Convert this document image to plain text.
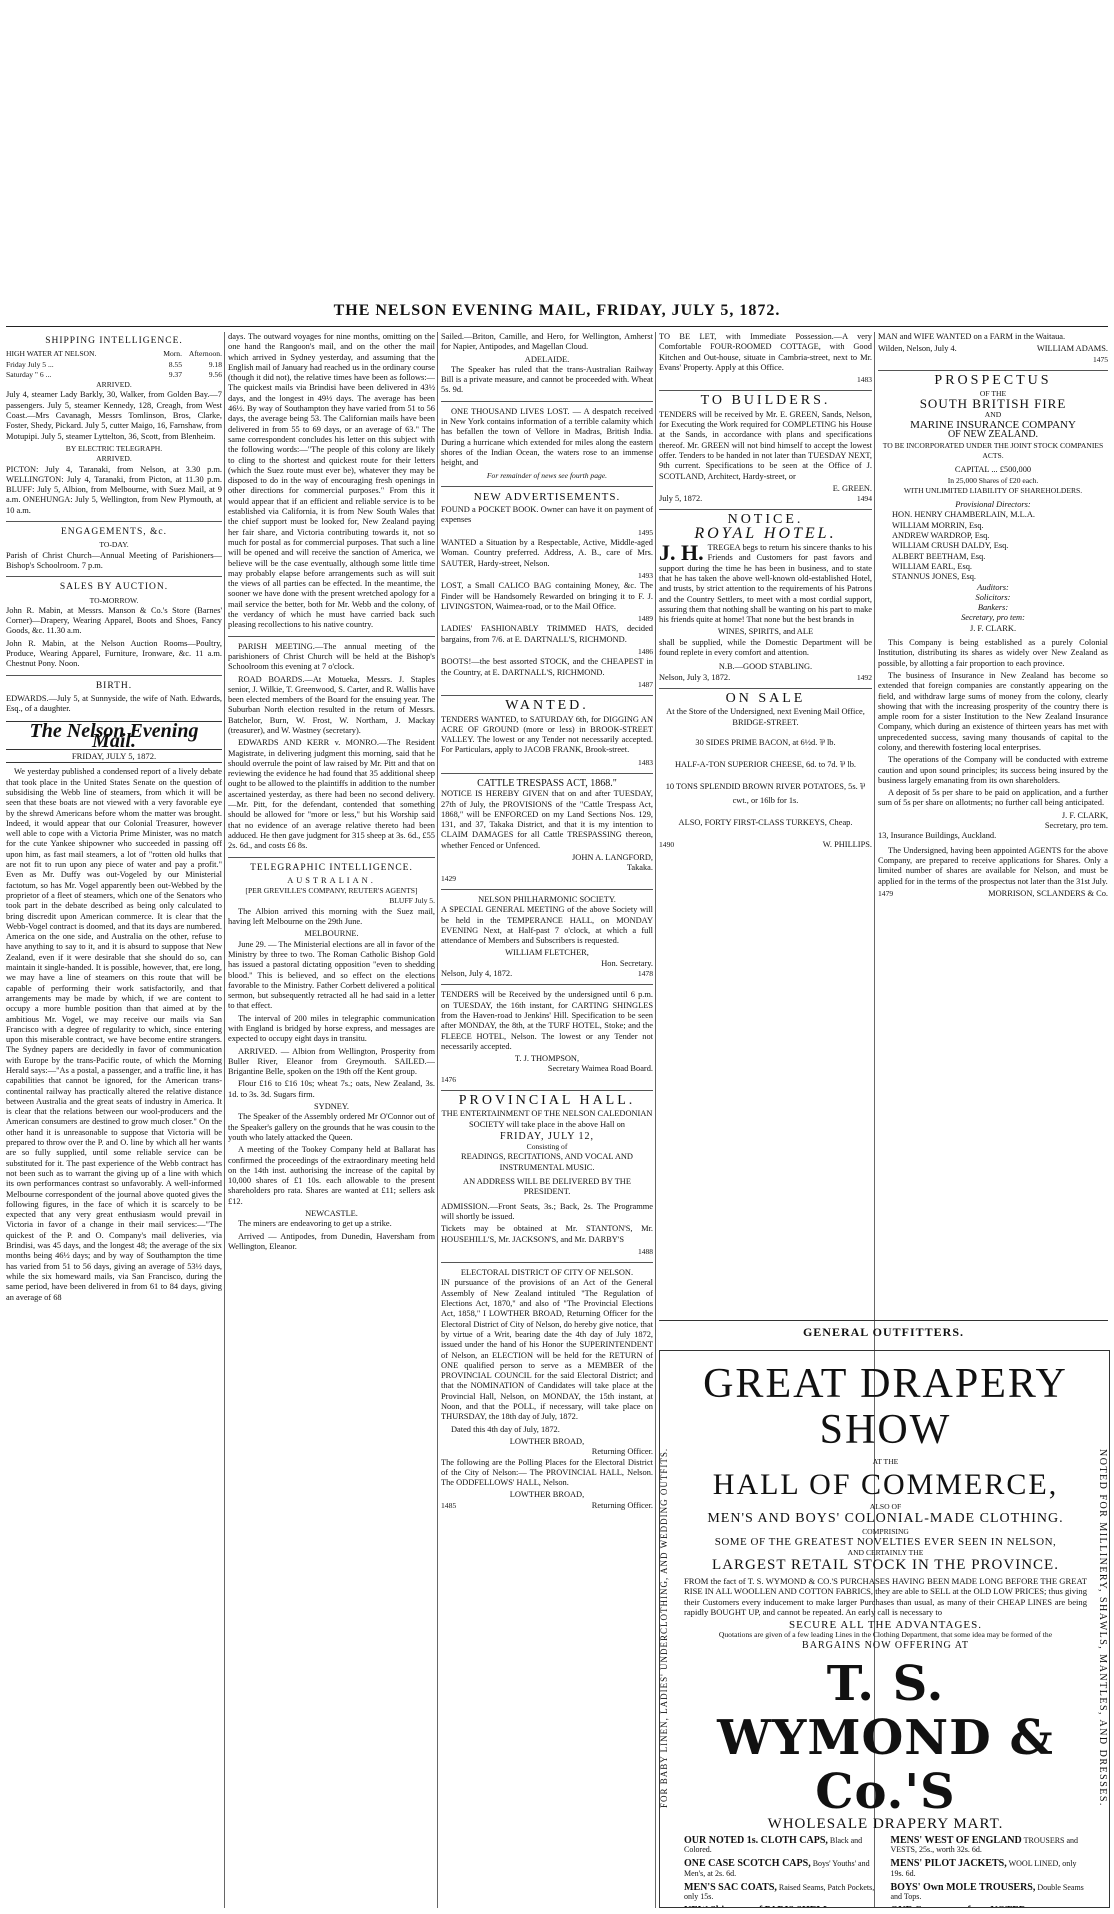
THE NELSON EVENING MAIL, FRIDAY, JULY 5, 1872.
SHIPPING INTELLIGENCE.
HIGH WATER AT NELSON.	Morn. Afternoon.
Friday July 5 ...	8.55	9.18
Saturday " 6 ...	9.37	9.56
ARRIVED.

July 4, steamer Lady Barkly, 30, Walker, from Golden Bay.—7 passengers. July 5, steamer Kennedy, 128, Creagh, from West Coast.—Mrs Cavanagh, Messrs Tomlinson, Bros, Clarke, Foster, Shedy, Pickard. July 5, cutter Maigo, 16, Farnshaw, from Motupipi. July 5, steamer Lyttelton, 36, Scott, from Blenheim.

BY ELECTRIC TELEGRAPH.
ARRIVED.

PICTON: July 4, Taranaki, from Nelson, at 3.30 p.m. WELLINGTON: July 4, Taranaki, from Picton, at 11.30 p.m. BLUFF: July 5, Albion, from Melbourne, with Suez Mail, at 9 a.m. ONEHUNGA: July 5, Wellington, from New Plymouth, at 10 a.m.

ENGAGEMENTS, &c.
TO-DAY.

Parish of Christ Church—Annual Meeting of Parishioners—Bishop's Schoolroom. 7 p.m.

SALES BY AUCTION.
TO-MORROW.

John R. Mabin, at Messrs. Manson & Co.'s Store (Barnes' Corner)—Drapery, Wearing Apparel, Boots and Shoes, Fancy Goods, &c. 11.30 a.m.

John R. Mabin, at the Nelson Auction Rooms—Poultry, Produce, Wearing Apparel, Furniture, Ironware, &c. 11 a.m. Chestnut Pony. Noon.

BIRTH.

EDWARDS.—July 5, at Sunnyside, the wife of Nath. Edwards, Esq., of a daughter.

The Nelson Evening Mail.
FRIDAY, JULY 5, 1872.

We yesterday published a condensed report of a lively debate that took place in the United States Senate on the question of subsidising the Webb line of steamers, from which it will be seen that these boats are not viewed with a very favorable eye by the shrewd Americans before whom the matter was brought. Indeed, it would appear that our Colonial Treasurer, however well able to cope with a Victoria Prime Minister, was no match for the cute Yankee shipowner who succeeded in passing off upon him, as fast mail steamers, a lot of "rotten old hulks that are not fit to run upon any piece of water and pay a profit." Even as Mr. Duffy was out-Vogeled by our Ministerial factotum, so has Mr. Vogel apparently been out-Webbed by the proprietor of a fleet of steamers, which one of the Senators who took part in the debate described as being only calculated to bring discredit upon American commerce. It is clear that the Webb-Vogel contract is doomed, and that its days are numbered. America on the one side, and Australia on the other, refuse to have anything to say to it, and it is absurd to suppose that New Zealand, even if it were desirable that she should do so, can maintain it single-handed. It is possible, however, that, ere long, we may have a line of steamers on this route that will be capable of performing their work satisfactorily, and that arrangements may be made by which, if we are content to occupy a more humble position than that aimed at by the ambitious Mr. Vogel, we may receive our mails via San Francisco with a degree of regularity to which, since entering upon this miserable contract, we have become entire strangers. The Sydney papers are decidedly in favor of communication with Europe by the trans-Pacific route, of which the Morning Herald says:—"As a postal, a passenger, and a traffic line, it has capabilities that cannot be ignored, for the American trans-continental railway has practically altered the relative distance between Australia and the great seats of industry in America. It is clear that the relations between our wool-producers and the American consumers are destined to grow much closer." On the other hand it is unreasonable to suppose that Victoria will be prepared to throw over the P. and O. line by which all her wants are so fully supplied, until some reliable service can be substituted for it. The past experience of the Webb contract has not been such as to warrant the giving up of a line with which its own performances contrast so unfavorably. A well-informed Melbourne correspondent of the journal above quoted gives the following figures, in the face of which it is scarcely to be expected that any very great enthusiasm would prevail in Victoria in favor of a change in their mail services:—"The quickest of the P. and O. Company's mail deliveries, via Brindisi, was 45 days, and the longest 48; the average of the six months being 46½ days; and by way of Southampton the time has varied from 51 to 56 days, giving an average of 53½ days, while the six homeward mails, via San Francisco, during the same period, have been delivered in from 61 to 84 days, giving an average of 68

days. The outward voyages for nine months, omitting on the one hand the Rangoon's mail, and on the other the mail which arrived in Sydney yesterday, and assuming that the English mail of January had reached us in the ordinary course (though it did not), the relative times have been as follows:—The quickest mails via Brindisi have been delivered in 43½ days, and the longest in 49½ days. The average has been 46½. By way of Southampton they have varied from 51 to 56 days, the average being 53. The Californian mails have been delivered in from 55 to 69 days, or an average of 63." The same correspondent concludes his letter on this subject with the following words:—"The people of this colony are likely to cling to the shortest and quickest route for their letters (which the Suez route must ever be), whatever they may be disposed to do in the way of encouraging fresh openings in other directions for commercial purposes." From this it would appear that if an efficient and reliable service is to be established via California, it is from New South Wales that the chief support must be looked for, New Zealand paying her fair share, and Victoria contributing towards it, not so much for postal as for commercial purposes. That such a line will be opened and will receive the sanction of America, we believe will be the case eventually, although some little time may probably elapse before arrangements such as will suit the views of all parties can be effected. In the meantime, the sooner we have done with the present wretched apology for a mail service the better, both for Mr. Webb and the colony, of the verdancy of which he must have carried back such pleasing recollections to his native country.

PARISH MEETING.—The annual meeting of the parishioners of Christ Church will be held at the Bishop's Schoolroom this evening at 7 o'clock.

ROAD BOARDS.—At Motueka, Messrs. J. Staples senior, J. Wilkie, T. Greenwood, S. Carter, and R. Wallis have been elected members of the Board for the ensuing year. The Suburban North election resulted in the return of Messrs. Batchelor, Burn, W. Frost, W. Northam, J. Mackay (treasurer), and W. Wastney (secretary).

EDWARDS AND KERR v. MONRO.—The Resident Magistrate, in delivering judgment this morning, said that he should overrule the point of law raised by Mr. Pitt and that on reviewing the evidence he had found that 35 additional sheep ought to be allowed to the plaintiffs in addition to the number ascertained yesterday, as there had been no second delivery.—Mr. Pitt, for the defendant, contended that something should be allowed for "more or less," but his Worship said that no evidence of an average relative thereto had been adduced. He then gave judgment for 315 sheep at 3s. 6d., £55 2s. 6d., and costs £6 8s.

TELEGRAPHIC INTELLIGENCE.
AUSTRALIAN.
[PER GREVILLE'S COMPANY, REUTER'S AGENTS]
BLUFF July 5.

The Albion arrived this morning with the Suez mail, having left Melbourne on the 29th June.

MELBOURNE.

June 29. — The Ministerial elections are all in favor of the Ministry by three to two. The Roman Catholic Bishop Gold has issued a pastoral dictating opposition "even to shedding blood." This is believed, and so effect on the elections favorable to the Ministry. Father Corbett delivered a political sermon, but subsequently retracted all he had said in a letter to that effect.

The interval of 200 miles in telegraphic communication with England is bridged by horse express, and messages are expected to occupy eight days in transitu.

ARRIVED. — Albion from Wellington, Prosperity from Buller River, Eleanor from Greymouth. SAILED.—Brigantine Belle, spoken on the 19th off the Kent group.

Flour £16 to £16 10s; wheat 7s.; oats, New Zealand, 3s. 1d. to 3s. 3d. Sugars firm.

SYDNEY.

The Speaker of the Assembly ordered Mr O'Connor out of the Speaker's gallery on the grounds that he was cousin to the youth who lately attacked the Queen.

A meeting of the Tookey Company held at Ballarat has confirmed the proceedings of the extraordinary meeting held on the 14th inst. authorising the increase of the capital by 10,000 shares of £1 10s. each allowable to the present shareholders pro rata. Shares are wanted at £11; sellers ask £12.

NEWCASTLE.

The miners are endeavoring to get up a strike.

Arrived — Antipodes, from Dunedin, Haversham from Wellington, Eleanor.

Sailed.—Briton, Camille, and Hero, for Wellington, Amherst for Napier, Antipodes, and Magellan Cloud.

ADELAIDE.

The Speaker has ruled that the trans-Australian Railway Bill is a private measure, and cannot be proceeded with. Wheat 5s. 9d.

ONE THOUSAND LIVES LOST. — A despatch received in New York contains information of a terrible calamity which has befallen the town of Vellore in Madras, British India. During a hurricane which extended for miles along the eastern shores of the Indian Ocean, the waters rose to an immense height, and

For remainder of news see fourth page.
NEW ADVERTISEMENTS.

FOUND a POCKET BOOK. Owner can have it on payment of expenses

1495

WANTED a Situation by a Respectable, Active, Middle-aged Woman. Country preferred. Address, A. B., care of Mrs. SAUTER, Hardy-street, Nelson.

1493

LOST, a Small CALICO BAG containing Money, &c. The Finder will be Handsomely Rewarded on bringing it to F. J. LIVINGSTON, Waimea-road, or to the Mail Office.

1489

LADIES' FASHIONABLY TRIMMED HATS, decided bargains, from 7/6. at E. DARTNALL'S, RICHMOND.

1486

BOOTS!—the best assorted STOCK, and the CHEAPEST in the Country, at E. DARTNALL'S, RICHMOND.

1487
WANTED.

TENDERS WANTED, to SATURDAY 6th, for DIGGING AN ACRE OF GROUND (more or less) in BROOK-STREET VALLEY. The lowest or any Tender not necessarily accepted. For Particulars, apply to JACOB FRANK, Brook-street.

1483
CATTLE TRESPASS ACT, 1868."

NOTICE IS HEREBY GIVEN that on and after TUESDAY, 27th of July, the PROVISIONS of the "Cattle Trespass Act, 1868," will be ENFORCED on my Land Sections Nos. 129, 131, and 37, Takaka District, and that it is my intention to CLAIM DAMAGES for all Cattle TRESPASSING thereon, whether Fenced or Unfenced.

JOHN A. LANGFORD,
Takaka.
1429
NELSON PHILHARMONIC SOCIETY.

A SPECIAL GENERAL MEETING of the above Society will be held in the TEMPERANCE HALL, on MONDAY EVENING Next, at Half-past 7 o'clock, at which a full attendance of Members and Subscribers is requested.

WILLIAM FLETCHER,
Hon. Secretary.
Nelson, July 4, 1872.	1478

TENDERS will be Received by the undersigned until 6 p.m. on TUESDAY, the 16th instant, for CARTING SHINGLES from the Haven-road to Jenkins' Hill. Specification to be seen after MONDAY, the 8th, at the TURF HOTEL, Stoke; and the FLEECE HOTEL, Nelson. The lowest or any Tender not necessarily accepted.

T. J. THOMPSON,
Secretary Waimea Road Board.
1476
PROVINCIAL HALL.

THE ENTERTAINMENT OF THE NELSON CALEDONIAN SOCIETY will take place in the above Hall on

FRIDAY, JULY 12,
Consisting of
READINGS, RECITATIONS, AND VOCAL AND INSTRUMENTAL MUSIC.
AN ADDRESS WILL BE DELIVERED BY THE PRESIDENT.

ADMISSION.—Front Seats, 3s.; Back, 2s. The Programme will shortly be issued.

Tickets may be obtained at Mr. STANTON'S, Mr. HOUSEHILL'S, Mr. JACKSON'S, and Mr. DARBY'S

1488
ELECTORAL DISTRICT OF CITY OF NELSON.

IN pursuance of the provisions of an Act of the General Assembly of New Zealand intituled "The Regulation of Elections Act, 1870," and also of "The Provincial Elections Act, 1858," I LOWTHER BROAD, Returning Officer for the Electoral District of City of Nelson, do hereby give notice, that by virtue of a Writ, bearing date the 4th day of July 1872, issued under the hand of his Honor the SUPERINTENDENT of Nelson, an ELECTION will be held for the RETURN of ONE qualified person to serve as a MEMBER of the PROVINCIAL COUNCIL for the said Electoral District; and that the NOMINATION of Candidates will take place at the Provincial Hall, Nelson, on MONDAY, the 15th instant, at Noon, and that the POLL, if necessary, will take place on THURSDAY, the 18th day of July, 1872.

Dated this 4th day of July, 1872.

LOWTHER BROAD,
Returning Officer.

The following are the Polling Places for the Electoral District of the City of Nelson:— The PROVINCIAL HALL, Nelson. The ODDFELLOWS' HALL, Nelson.

LOWTHER BROAD,
1485	Returning Officer.

TO BE LET, with Immediate Possession.—A very Comfortable FOUR-ROOMED COTTAGE, with Good Kitchen and Out-house, situate in Cambria-street, next to Mr. Evans' Property. Apply at this Office.

1483
TO BUILDERS.

TENDERS will be received by Mr. E. GREEN, Sands, Nelson, for Executing the Work required for COMPLETING his House at the Sands, in accordance with plans and specifications thereof. Mr. GREEN will not bind himself to accept the lowest offer. Tenders to be handed in not later than TUESDAY NEXT, 9th current. Specifications to be seen at the Office of J. SCOTLAND, Architect, Hardy-street, or

E. GREEN.
July 5, 1872.	1494
NOTICE.
ROYAL HOTEL.
J. H. TREGEA begs to return his sincere thanks to his Friends and Customers for past favors and support during the time he has been in business, and to state that he has taken the above well-known old-established Hotel, and trusts, by strict attention to the requirements of his Patrons and the Country Settlers, to meet with a most cordial support, assuring them that nothing shall be wanting on his part to make his friends quite at home! That none but the best brands in

WINES, SPIRITS, and ALE

shall be supplied, while the Domestic Department will be found replete in every comfort and attention.

N.B.—GOOD STABLING.
Nelson, July 3, 1872.	1492
ON SALE
At the Store of the Undersigned, next Evening Mail Office, BRIDGE-STREET.
30 SIDES PRIME BACON, at 6½d. ⅌ lb.
HALF-A-TON SUPERIOR CHEESE, 6d. to 7d. ⅌ lb.
10 TONS SPLENDID BROWN RIVER POTATOES, 5s. ⅌ cwt., or 16lb for 1s.
ALSO, FORTY FIRST-CLASS TURKEYS, Cheap.
1490	W. PHILLIPS.

MAN and WIFE WANTED on a FARM in the Waitaua.

Wilden, Nelson, July 4.	WILLIAM ADAMS.
1475
PROSPECTUS
OF THE
SOUTH BRITISH FIRE
AND
MARINE INSURANCE COMPANY
OF NEW ZEALAND.
TO BE INCORPORATED UNDER THE JOINT STOCK COMPANIES ACTS.
CAPITAL ... £500,000
In 25,000 Shares of £20 each.
WITH UNLIMITED LIABILITY OF SHAREHOLDERS.
Provisional Directors:
HON. HENRY CHAMBERLAIN, M.L.A.
WILLIAM MORRIN, Esq.
ANDREW WARDROP, Esq.
WILLIAM CRUSH DALDY, Esq.
ALBERT BEETHAM, Esq.
WILLIAM EARL, Esq.
STANNUS JONES, Esq.
Auditors:
Solicitors:
Bankers:
Secretary, pro tem:
J. F. CLARK.

This Company is being established as a purely Colonial Institution, distributing its shares as widely over New Zealand as possible, by allotting a fair proportion to each province.

The business of Insurance in New Zealand has become so extended that foreign companies are constantly appearing on the field, and withdraw large sums of money from the colony, clearly showing that with the increasing prosperity of the country there is ample room for a sister Institution to the New Zealand Insurance Company, which during an existence of thirteen years has met with unprecedented success, saving many thousands of capital to the colony, and therewith fostering local enterprises.

The operations of the Company will be conducted with extreme caution and upon sound principles; its success being insured by the business largely emanating from its own shareholders.

A deposit of 5s per share to be paid on application, and a further sum of 5s per share on allotments; no further call being anticipated.

J. F. CLARK,
Secretary, pro tem.
13, Insurance Buildings, Auckland.

The Undersigned, having been appointed AGENTS for the above Company, are prepared to receive applications for Shares. Only a limited number of shares are available for Nelson, and must be applied for in the terms of the prospectus not later than the 31st July.

1479	MORRISON, SCLANDERS & Co.
GENERAL OUTFITTERS.
GREAT DRAPERY SHOW
AT THE
HALL OF COMMERCE,
ALSO OF
MEN'S AND BOYS' COLONIAL-MADE CLOTHING.
COMPRISING
SOME OF THE GREATEST NOVELTIES EVER SEEN IN NELSON,
AND CERTAINLY THE
LARGEST RETAIL STOCK IN THE PROVINCE.

FROM the fact of T. S. WYMOND & CO.'S PURCHASES HAVING BEEN MADE LONG BEFORE THE GREAT RISE IN ALL WOOLLEN AND COTTON FABRICS, they are able to SELL at the OLD LOW PRICES; thus giving their Customers every inducement to make larger Purchases than usual, as many of their CHEAP LINES are being rapidly BOUGHT UP, and cannot be repeated. An early call is necessary to

SECURE ALL THE ADVANTAGES.
Quotations are given of a few leading Lines in the Clothing Department, that some idea may be formed of the
BARGAINS NOW OFFERING AT
T. S. WYMOND & Co.'S
WHOLESALE DRAPERY MART.
OUR NOTED 1s. CLOTH CAPS, Black and Colored.
MENS' WEST OF ENGLAND TROUSERS and VESTS, 25s., worth 32s. 6d.
ONE CASE SCOTCH CAPS, Boys' Youths' and Men's, at 2s. 6d.
MENS' PILOT JACKETS, WOOL LINED, only 19s. 6d.
MEN'S SAC COATS, Raised Seams, Patch Pockets, only 15s.
BOYS' Own MOLE TROUSERS, Double Seams and Tops.
FOR BABY LINEN, LADIES' UNDERCLOTHING, AND WEDDING OUTFITS.	NOTED FOR MILLINERY, SHAWLS, MANTLES, AND DRESSES.
